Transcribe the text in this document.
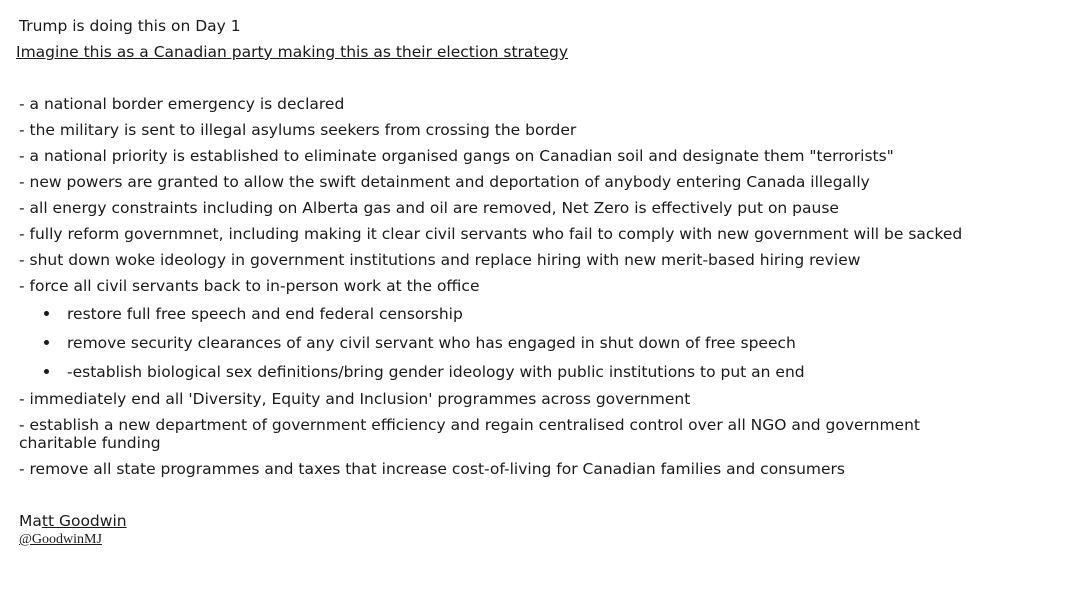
Trump is doing this on Day 1
Imagine this as a Canadian party making this as their election strategy
- a national border emergency is declared
- the military is sent to illegal asylums seekers from crossing the border
- a national priority is established to eliminate organised gangs on Canadian soil and designate them "terrorists"
- new powers are granted to allow the swift detainment and deportation of anybody entering Canada illegally
- all energy constraints including on Alberta gas and oil are removed, Net Zero is effectively put on pause
- fully reform governmnet, including making it clear civil servants who fail to comply with new government will be sacked
- shut down woke ideology in government institutions and replace hiring with new merit-based hiring review
- force all civil servants back to in-person work at the office
restore full free speech and end federal censorship
remove security clearances of any civil servant who has engaged in shut down of free speech
-establish biological sex definitions/bring gender ideology with public institutions to put an end
- immediately end all 'Diversity, Equity and Inclusion' programmes across government
- establish a new department of government efficiency and regain centralised control over all NGO and government charitable funding
- remove all state programmes and taxes that increase cost-of-living for Canadian families and consumers
Matt Goodwin
@GoodwinMJ
